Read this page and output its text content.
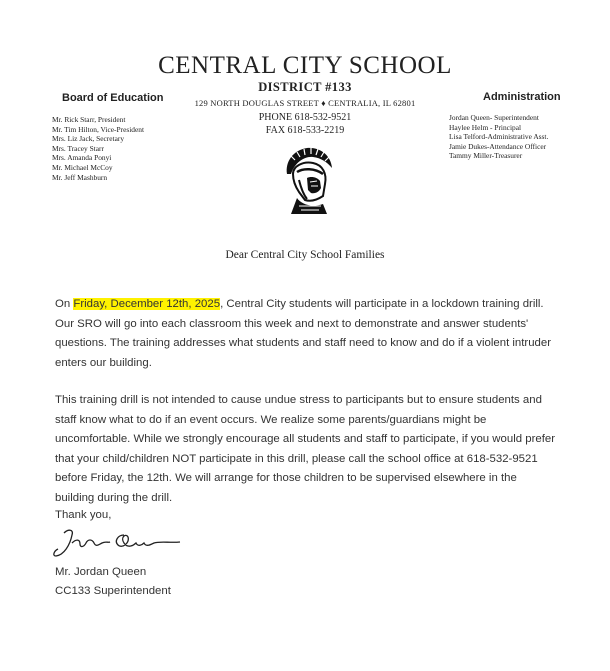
CENTRAL CITY SCHOOL
DISTRICT #133
129 NORTH DOUGLAS STREET ♦ CENTRALIA, IL 62801
PHONE 618-532-9521
FAX 618-533-2219
Board of Education
Mr. Rick Starr, President
Mr. Tim Hilton, Vice-President
Mrs. Liz Jack, Secretary
Mrs. Tracey Starr
Mrs. Amanda Ponyi
Mr. Michael McCoy
Mr. Jeff Mashburn
Administration
Jordan Queen- Superintendent
Haylee Helm - Principal
Lisa Telford-Administrative Asst.
Jamie Dukes-Attendance Officer
Tammy Miller-Treasurer
Dear Central City School Families
On Friday, December 12th, 2025, Central City students will participate in a lockdown training drill. Our SRO will go into each classroom this week and next to demonstrate and answer students' questions. The training addresses what students and staff need to know and do if a violent intruder enters our building.
This training drill is not intended to cause undue stress to participants but to ensure students and staff know what to do if an event occurs. We realize some parents/guardians might be uncomfortable. While we strongly encourage all students and staff to participate, if you would prefer that your child/children NOT participate in this drill, please call the school office at 618-532-9521 before Friday, the 12th. We will arrange for those children to be supervised elsewhere in the building during the drill.
Thank you,
Mr. Jordan Queen
CC133 Superintendent
